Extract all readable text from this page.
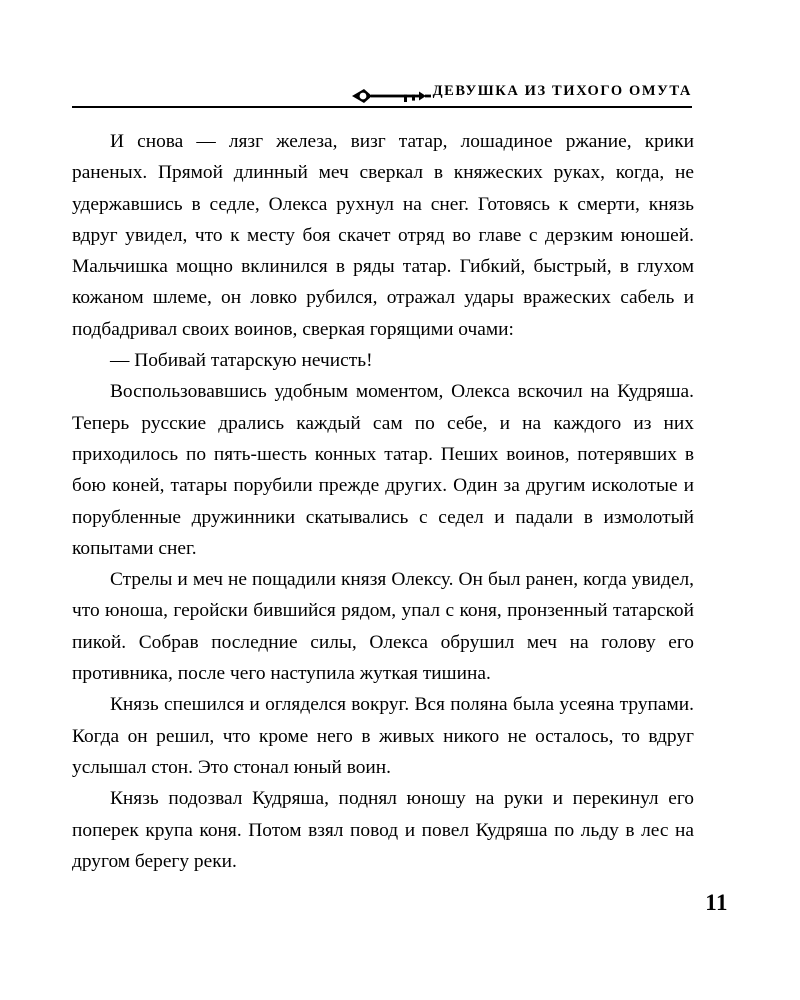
ДЕВУШКА ИЗ ТИХОГО ОМУТА

И снова — лязг железа, визг татар, лошадиное ржание, крики раненых. Прямой длинный меч сверкал в княжеских руках, когда, не удержавшись в седле, Олекса рухнул на снег. Готовясь к смерти, князь вдруг увидел, что к месту боя скачет отряд во главе с дерзким юношей. Мальчишка мощно вклинился в ряды татар. Гибкий, быстрый, в глухом кожаном шлеме, он ловко рубился, отражал удары вражеских сабель и подбадривал своих воинов, сверкая горящими очами:

— Побивай татарскую нечисть!

Воспользовавшись удобным моментом, Олекса вскочил на Кудряша. Теперь русские дрались каждый сам по себе, и на каждого из них приходилось по пять-шесть конных татар. Пеших воинов, потерявших в бою коней, татары порубили прежде других. Один за другим исколотые и порубленные дружинники скатывались с седел и падали в измолотый копытами снег.

Стрелы и меч не пощадили князя Олексу. Он был ранен, когда увидел, что юноша, геройски бившийся рядом, упал с коня, пронзенный татарской пикой. Собрав последние силы, Олекса обрушил меч на голову его противника, после чего наступила жуткая тишина.

Князь спешился и огляделся вокруг. Вся поляна была усеяна трупами. Когда он решил, что кроме него в живых никого не осталось, то вдруг услышал стон. Это стонал юный воин.

Князь подозвал Кудряша, поднял юношу на руки и перекинул его поперек крупа коня. Потом взял повод и повел Кудряша по льду в лес на другом берегу реки.

11
